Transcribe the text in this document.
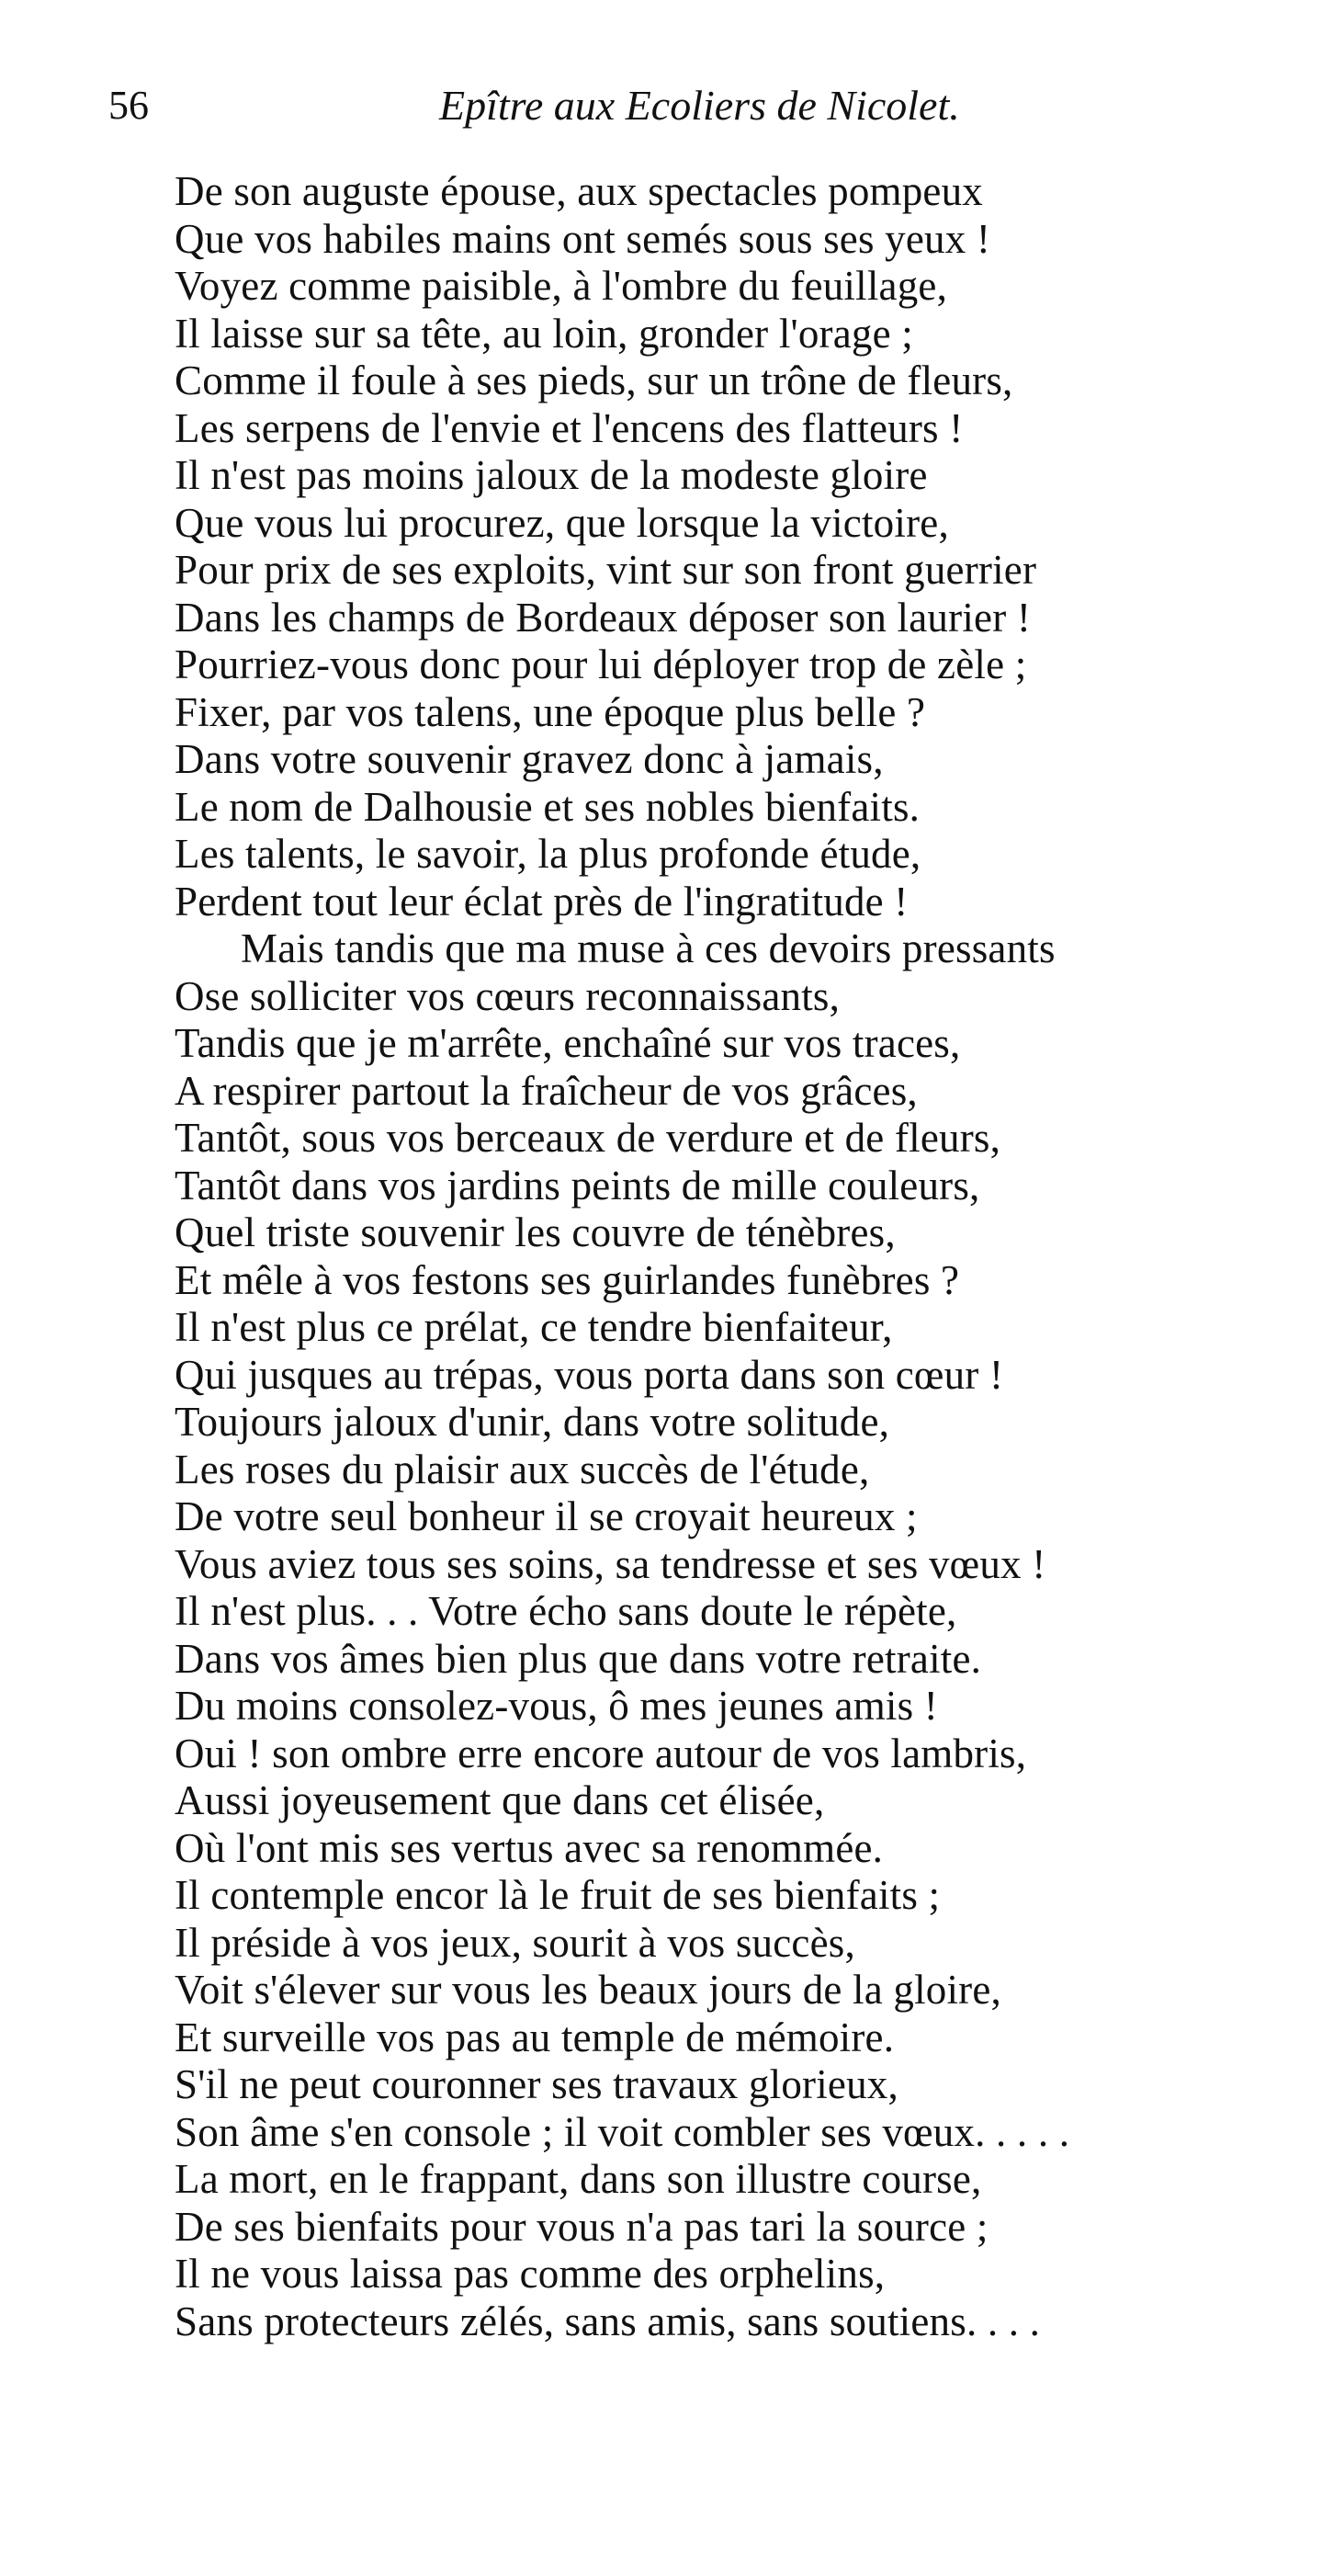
56	Epître aux Ecoliers de Nicolet.
De son auguste épouse, aux spectacles pompeux
Que vos habiles mains ont semés sous ses yeux !
Voyez comme paisible, à l'ombre du feuillage,
Il laisse sur sa tête, au loin, gronder l'orage ;
Comme il foule à ses pieds, sur un trône de fleurs,
Les serpens de l'envie et l'encens des flatteurs !
Il n'est pas moins jaloux de la modeste gloire
Que vous lui procurez, que lorsque la victoire,
Pour prix de ses exploits, vint sur son front guerrier
Dans les champs de Bordeaux déposer son laurier !
Pourriez-vous donc pour lui déployer trop de zèle ;
Fixer, par vos talens, une époque plus belle ?
Dans votre souvenir gravez donc à jamais,
Le nom de Dalhousie et ses nobles bienfaits.
Les talents, le savoir, la plus profonde étude,
Perdent tout leur éclat près de l'ingratitude !
Mais tandis que ma muse à ces devoirs pressants
Ose solliciter vos cœurs reconnaissants,
Tandis que je m'arrête, enchaîné sur vos traces,
A respirer partout la fraîcheur de vos grâces,
Tantôt, sous vos berceaux de verdure et de fleurs,
Tantôt dans vos jardins peints de mille couleurs,
Quel triste souvenir les couvre de ténèbres,
Et mêle à vos festons ses guirlandes funèbres ?
Il n'est plus ce prélat, ce tendre bienfaiteur,
Qui jusques au trépas, vous porta dans son cœur !
Toujours jaloux d'unir, dans votre solitude,
Les roses du plaisir aux succès de l'étude,
De votre seul bonheur il se croyait heureux ;
Vous aviez tous ses soins, sa tendresse et ses vœux !
Il n'est plus. . . Votre écho sans doute le répète,
Dans vos âmes bien plus que dans votre retraite.
Du moins consolez-vous, ô mes jeunes amis !
Oui ! son ombre erre encore autour de vos lambris,
Aussi joyeusement que dans cet élisée,
Où l'ont mis ses vertus avec sa renommée.
Il contemple encor là le fruit de ses bienfaits ;
Il préside à vos jeux, sourit à vos succès,
Voit s'élever sur vous les beaux jours de la gloire,
Et surveille vos pas au temple de mémoire.
S'il ne peut couronner ses travaux glorieux,
Son âme s'en console ; il voit combler ses vœux. . . . .
La mort, en le frappant, dans son illustre course,
De ses bienfaits pour vous n'a pas tari la source ;
Il ne vous laissa pas comme des orphelins,
Sans protecteurs zélés, sans amis, sans soutiens. . . .
